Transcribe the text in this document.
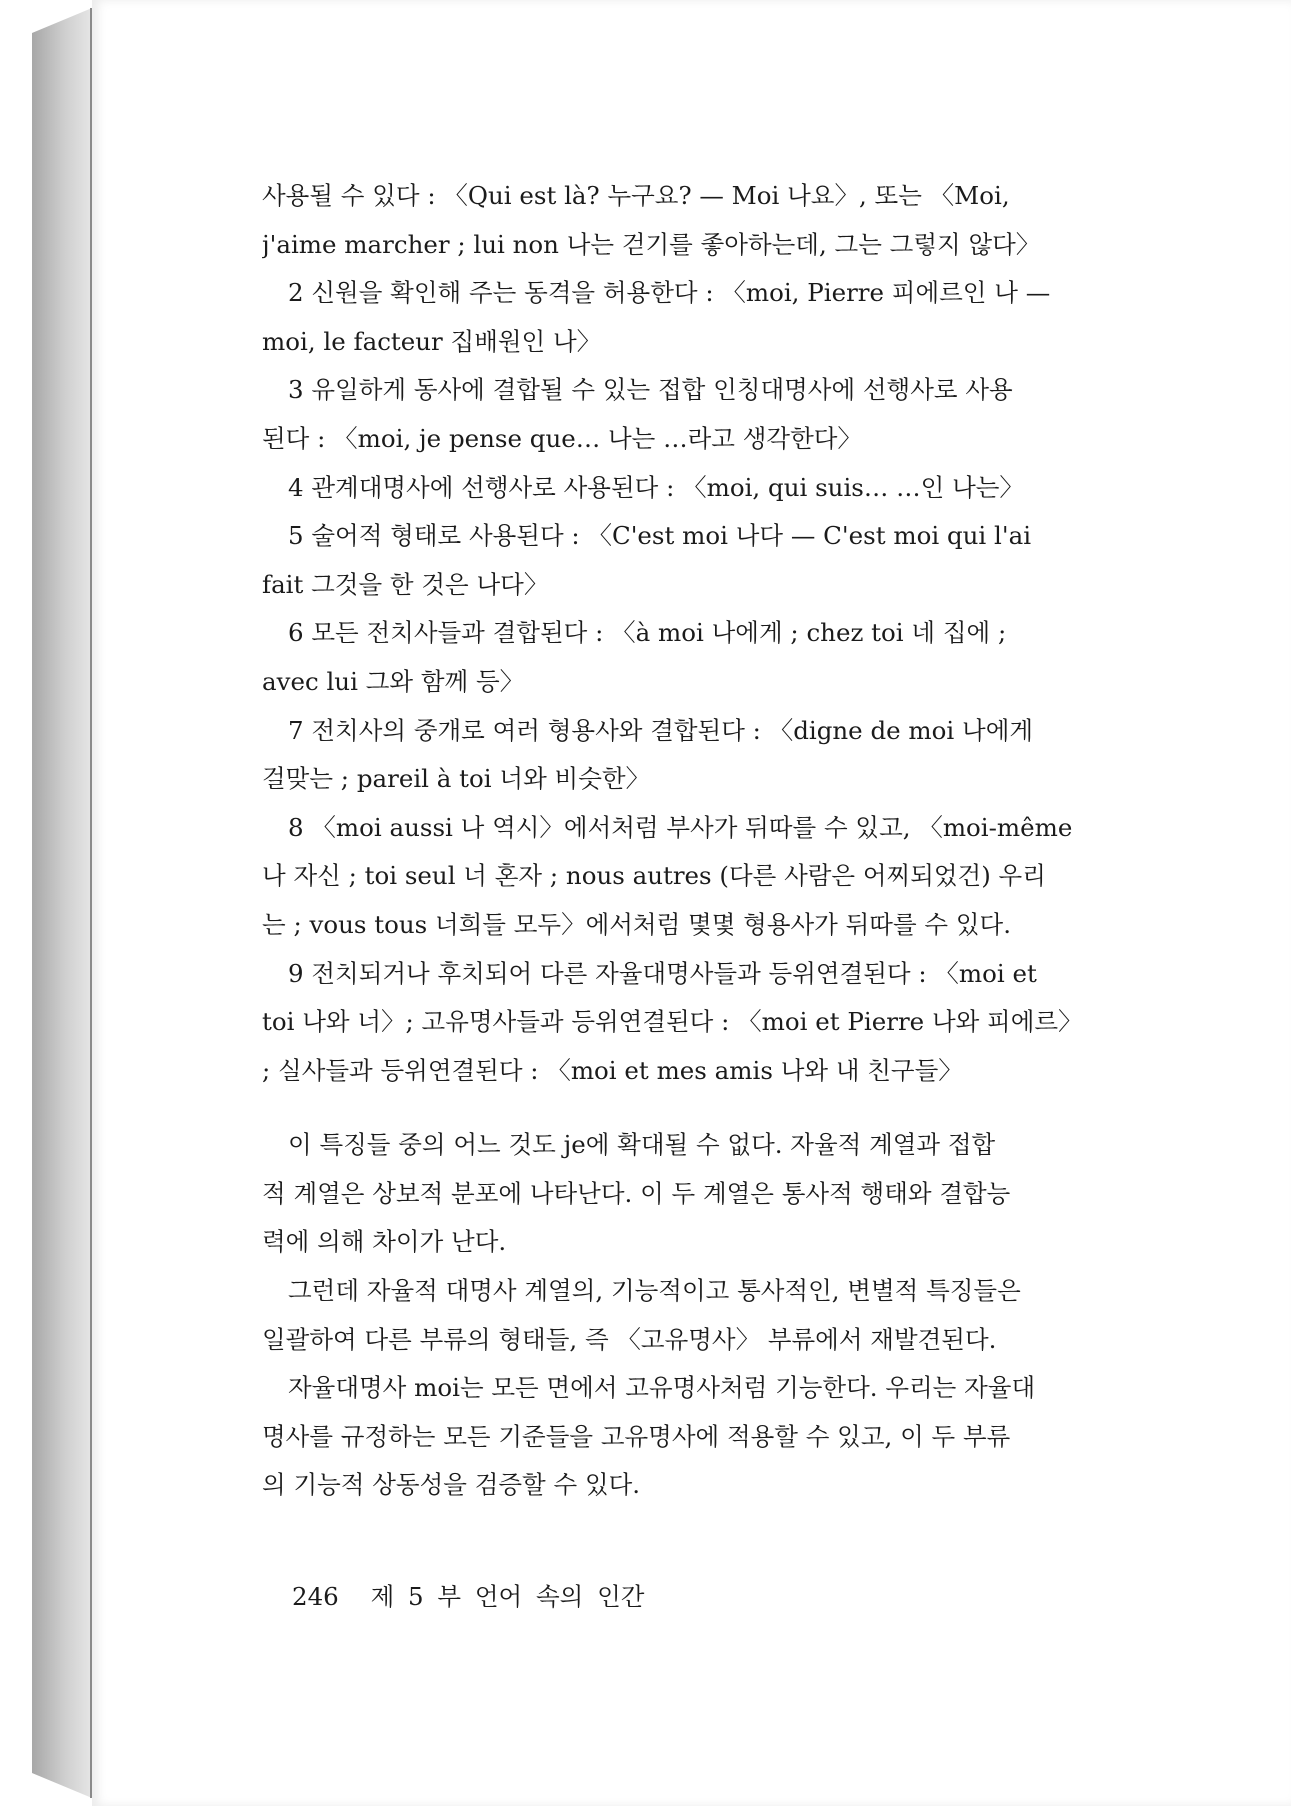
사용될 수 있다 : 〈Qui est là? 누구요? — Moi 나요〉, 또는 〈Moi,
j'aime marcher ; lui non 나는 걷기를 좋아하는데, 그는 그렇지 않다〉
2 신원을 확인해 주는 동격을 허용한다 : 〈moi, Pierre 피에르인 나 —
moi, le facteur 집배원인 나〉
3 유일하게 동사에 결합될 수 있는 접합 인칭대명사에 선행사로 사용
된다 : 〈moi, je pense que… 나는 …라고 생각한다〉
4 관계대명사에 선행사로 사용된다 : 〈moi, qui suis… …인 나는〉
5 술어적 형태로 사용된다 : 〈C'est moi 나다 — C'est moi qui l'ai
fait 그것을 한 것은 나다〉
6 모든 전치사들과 결합된다 : 〈à moi 나에게 ; chez toi 네 집에 ;
avec lui 그와 함께 등〉
7 전치사의 중개로 여러 형용사와 결합된다 : 〈digne de moi 나에게
걸맞는 ; pareil à toi 너와 비슷한〉
8 〈moi aussi 나 역시〉에서처럼 부사가 뒤따를 수 있고, 〈moi-même
나 자신 ; toi seul 너 혼자 ; nous autres (다른 사람은 어찌되었건) 우리
는 ; vous tous 너희들 모두〉에서처럼 몇몇 형용사가 뒤따를 수 있다.
9 전치되거나 후치되어 다른 자율대명사들과 등위연결된다 : 〈moi et
toi 나와 너〉; 고유명사들과 등위연결된다 : 〈moi et Pierre 나와 피에르〉
; 실사들과 등위연결된다 : 〈moi et mes amis 나와 내 친구들〉
이 특징들 중의 어느 것도 je에 확대될 수 없다. 자율적 계열과 접합
적 계열은 상보적 분포에 나타난다. 이 두 계열은 통사적 행태와 결합능
력에 의해 차이가 난다.
그런데 자율적 대명사 계열의, 기능적이고 통사적인, 변별적 특징들은
일괄하여 다른 부류의 형태들, 즉 〈고유명사〉 부류에서 재발견된다.
자율대명사 moi는 모든 면에서 고유명사처럼 기능한다. 우리는 자율대
명사를 규정하는 모든 기준들을 고유명사에 적용할 수 있고, 이 두 부류
의 기능적 상동성을 검증할 수 있다.
246 제 5 부 언어 속의 인간
